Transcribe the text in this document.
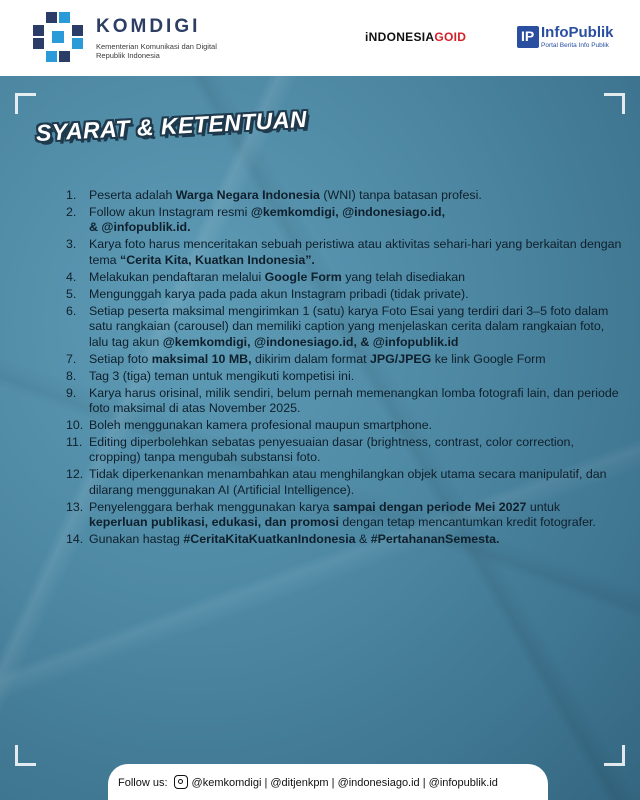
KOMDIGI
Kementerian Komunikasi dan Digital
Republik Indonesia
iNDONESIAGOID	IP InfoPublik
Portal Berita Info Publik
SYARAT & KETENTUAN
1. Peserta adalah Warga Negara Indonesia (WNI) tanpa batasan profesi.
2. Follow akun Instagram resmi @kemkomdigi, @indonesiago.id,
& @infopublik.id.
3. Karya foto harus menceritakan sebuah peristiwa atau aktivitas sehari-hari yang berkaitan dengan tema “Cerita Kita, Kuatkan Indonesia”.
4. Melakukan pendaftaran melalui Google Form yang telah disediakan
5. Mengunggah karya pada pada akun Instagram pribadi (tidak private).
6. Setiap peserta maksimal mengirimkan 1 (satu) karya Foto Esai yang terdiri dari 3–5 foto dalam satu rangkaian (carousel) dan memiliki caption yang menjelaskan cerita dalam rangkaian foto, lalu tag akun @kemkomdigi, @indonesiago.id, & @infopublik.id
7. Setiap foto maksimal 10 MB, dikirim dalam format JPG/JPEG ke link Google Form
8. Tag 3 (tiga) teman untuk mengikuti kompetisi ini.
9. Karya harus orisinal, milik sendiri, belum pernah memenangkan lomba fotografi lain, dan periode foto maksimal di atas November 2025.
10. Boleh menggunakan kamera profesional maupun smartphone.
11. Editing diperbolehkan sebatas penyesuaian dasar (brightness, contrast, color correction, cropping) tanpa mengubah substansi foto.
12. Tidak diperkenankan menambahkan atau menghilangkan objek utama secara manipulatif, dan dilarang menggunakan AI (Artificial Intelligence).
13. Penyelenggara berhak menggunakan karya sampai dengan periode Mei 2027 untuk keperluan publikasi, edukasi, dan promosi dengan tetap mencantumkan kredit fotografer.
14. Gunakan hastag #CeritaKitaKuatkanIndonesia & #PertahananSemesta.
Follow us: @kemkomdigi | @ditjenkpm | @indonesiago.id | @infopublik.id
